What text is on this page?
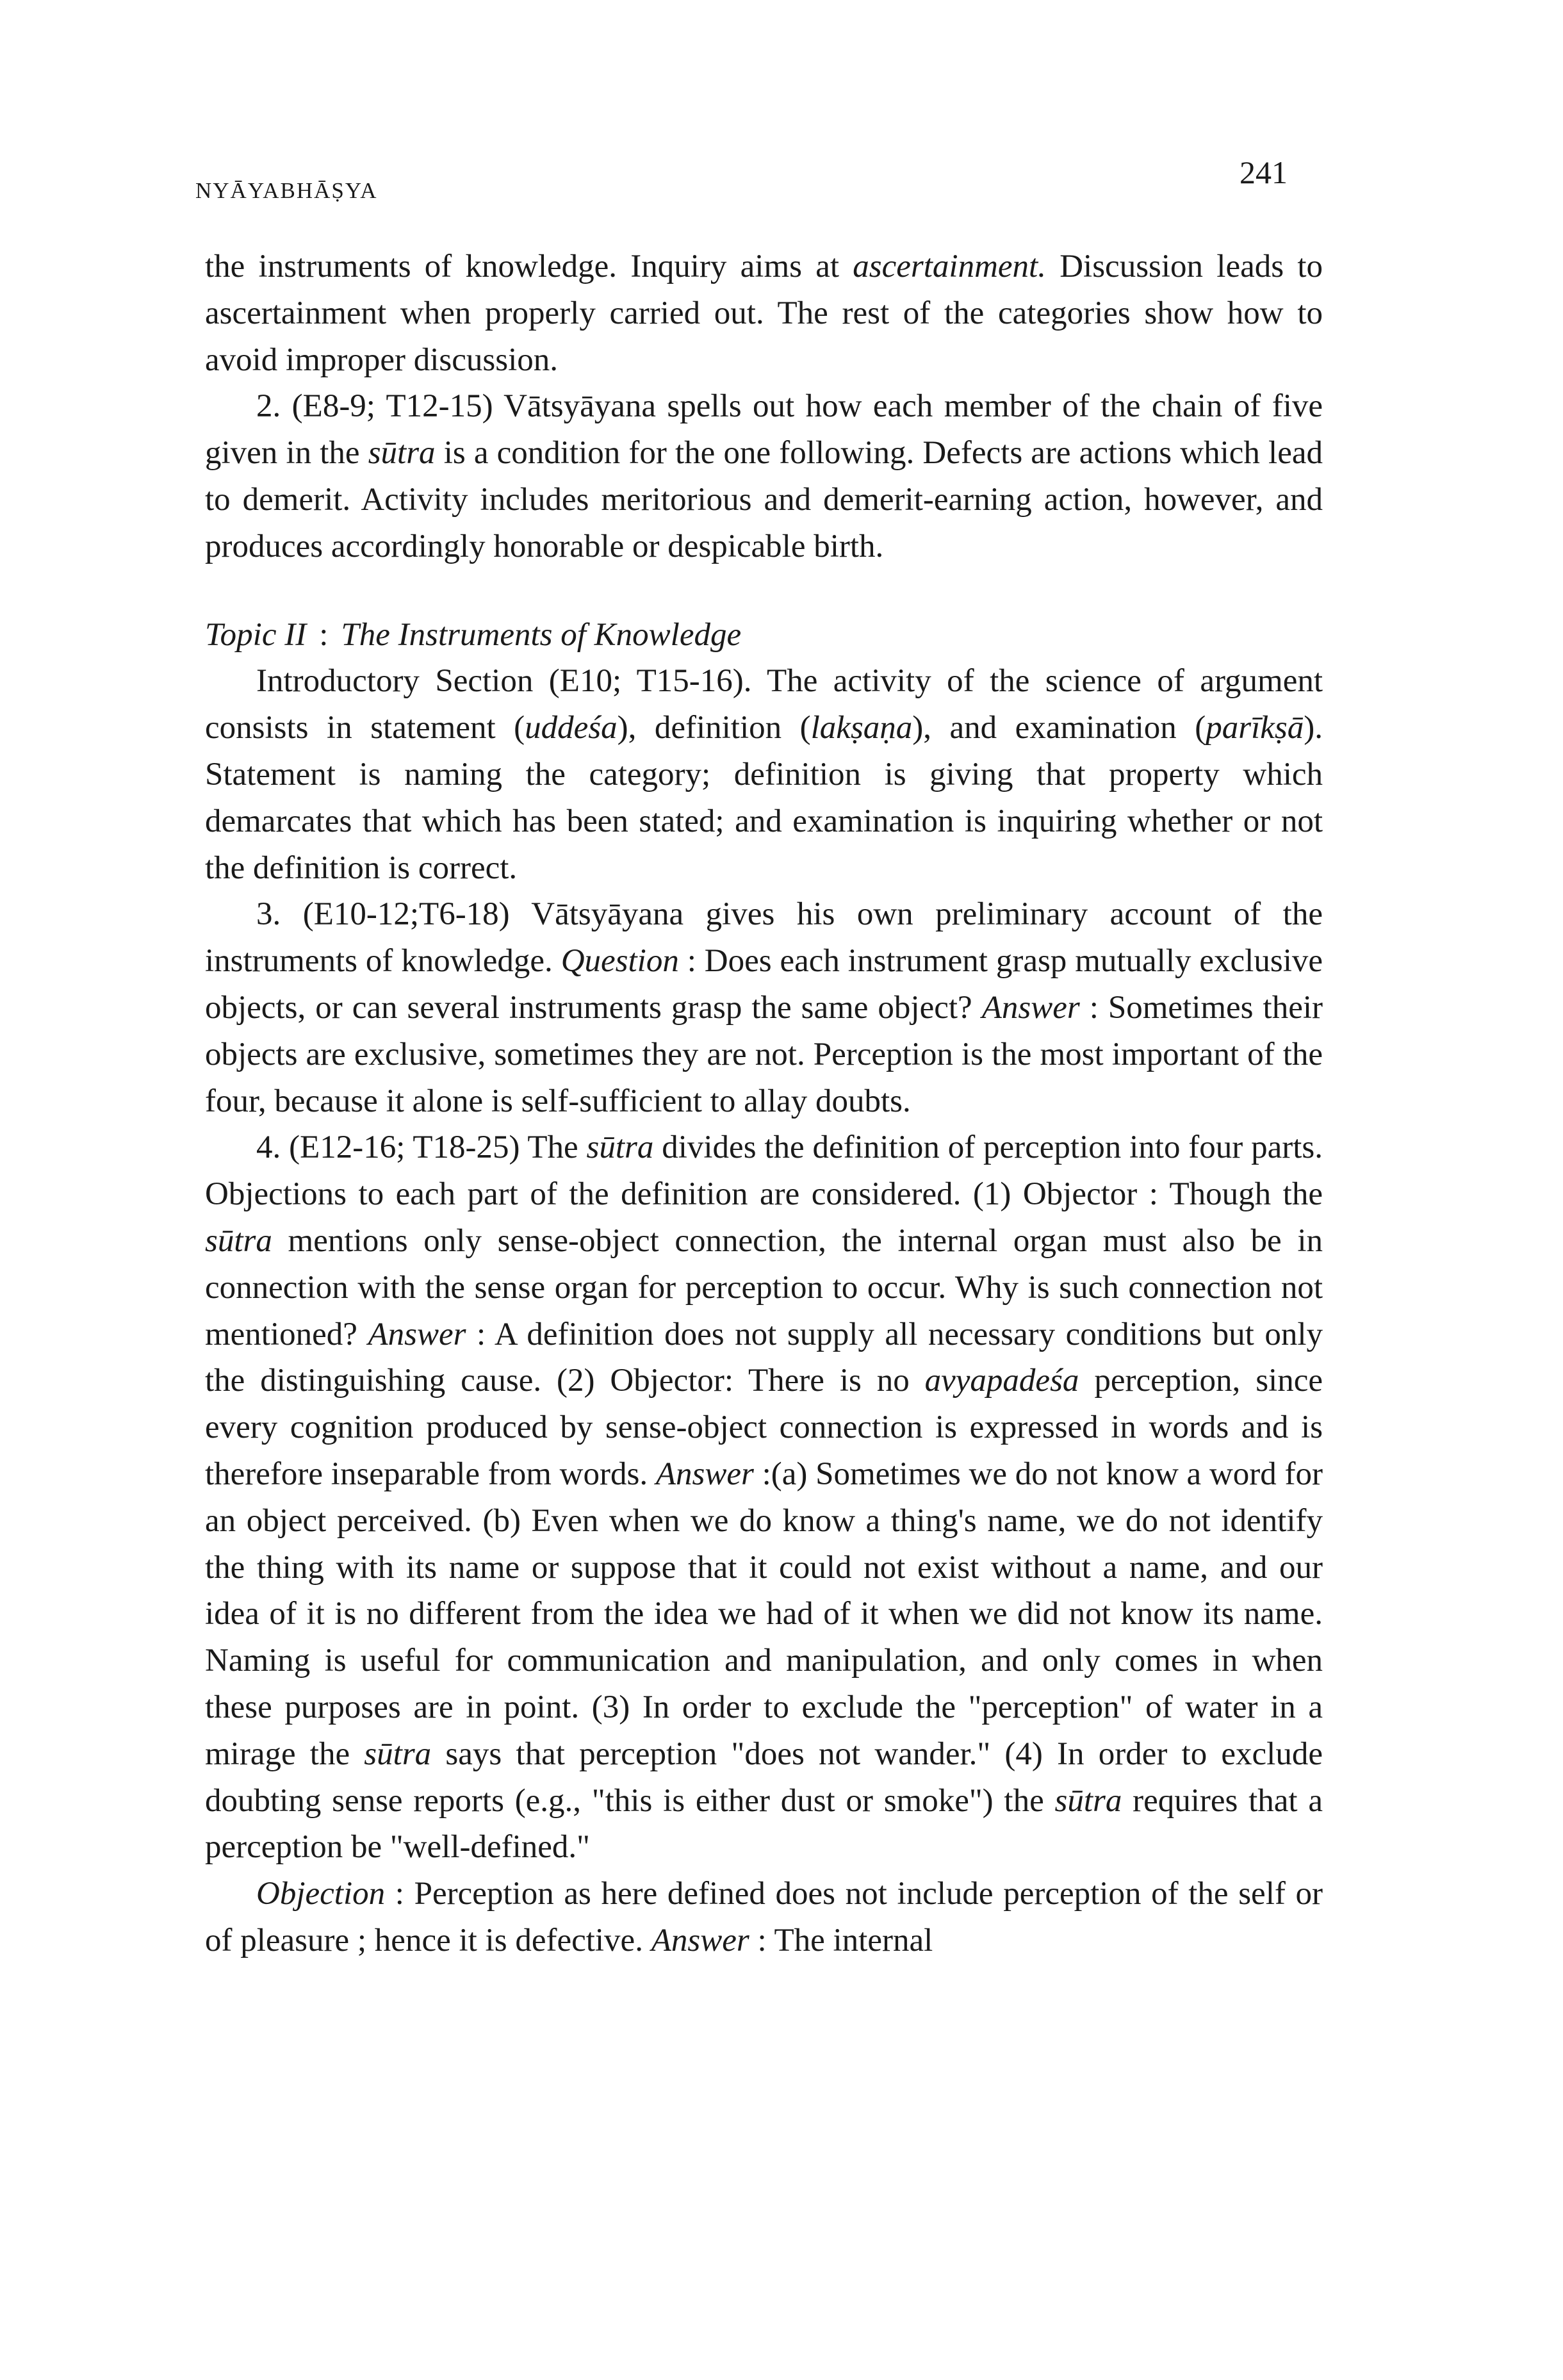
NYĀYABHĀṢYA
241

the instruments of knowledge. Inquiry aims at ascertainment. Discussion leads to ascertainment when properly carried out. The rest of the categories show how to avoid improper discussion.

2. (E8-9; T12-15) Vātsyāyana spells out how each member of the chain of five given in the sūtra is a condition for the one following. Defects are actions which lead to demerit. Activity includes meritorious and demerit-earning action, however, and produces accordingly honorable or despicable birth.

Topic II : The Instruments of Knowledge

Introductory Section (E10; T15-16). The activity of the science of argument consists in statement (uddeśa), definition (lakṣaṇa), and examination (parīkṣā). Statement is naming the category; definition is giving that property which demarcates that which has been stated; and examination is inquiring whether or not the definition is correct.

3. (E10-12;T6-18) Vātsyāyana gives his own preliminary account of the instruments of knowledge. Question : Does each instrument grasp mutually exclusive objects, or can several instruments grasp the same object? Answer : Sometimes their objects are exclusive, sometimes they are not. Perception is the most important of the four, because it alone is self-sufficient to allay doubts.

4. (E12-16; T18-25) The sūtra divides the definition of perception into four parts. Objections to each part of the definition are considered. (1) Objector : Though the sūtra mentions only sense-object connection, the internal organ must also be in connection with the sense organ for perception to occur. Why is such connection not mentioned? Answer : A definition does not supply all necessary conditions but only the distinguishing cause. (2) Objector: There is no avyapadeśa perception, since every cognition produced by sense-object connection is expressed in words and is therefore inseparable from words. Answer :(a) Sometimes we do not know a word for an object perceived. (b) Even when we do know a thing's name, we do not identify the thing with its name or suppose that it could not exist without a name, and our idea of it is no different from the idea we had of it when we did not know its name. Naming is useful for communication and manipulation, and only comes in when these purposes are in point. (3) In order to exclude the "perception" of water in a mirage the sūtra says that perception "does not wander." (4) In order to exclude doubting sense reports (e.g., "this is either dust or smoke") the sūtra requires that a perception be "well-defined."

Objection : Perception as here defined does not include perception of the self or of pleasure ; hence it is defective. Answer : The internal
